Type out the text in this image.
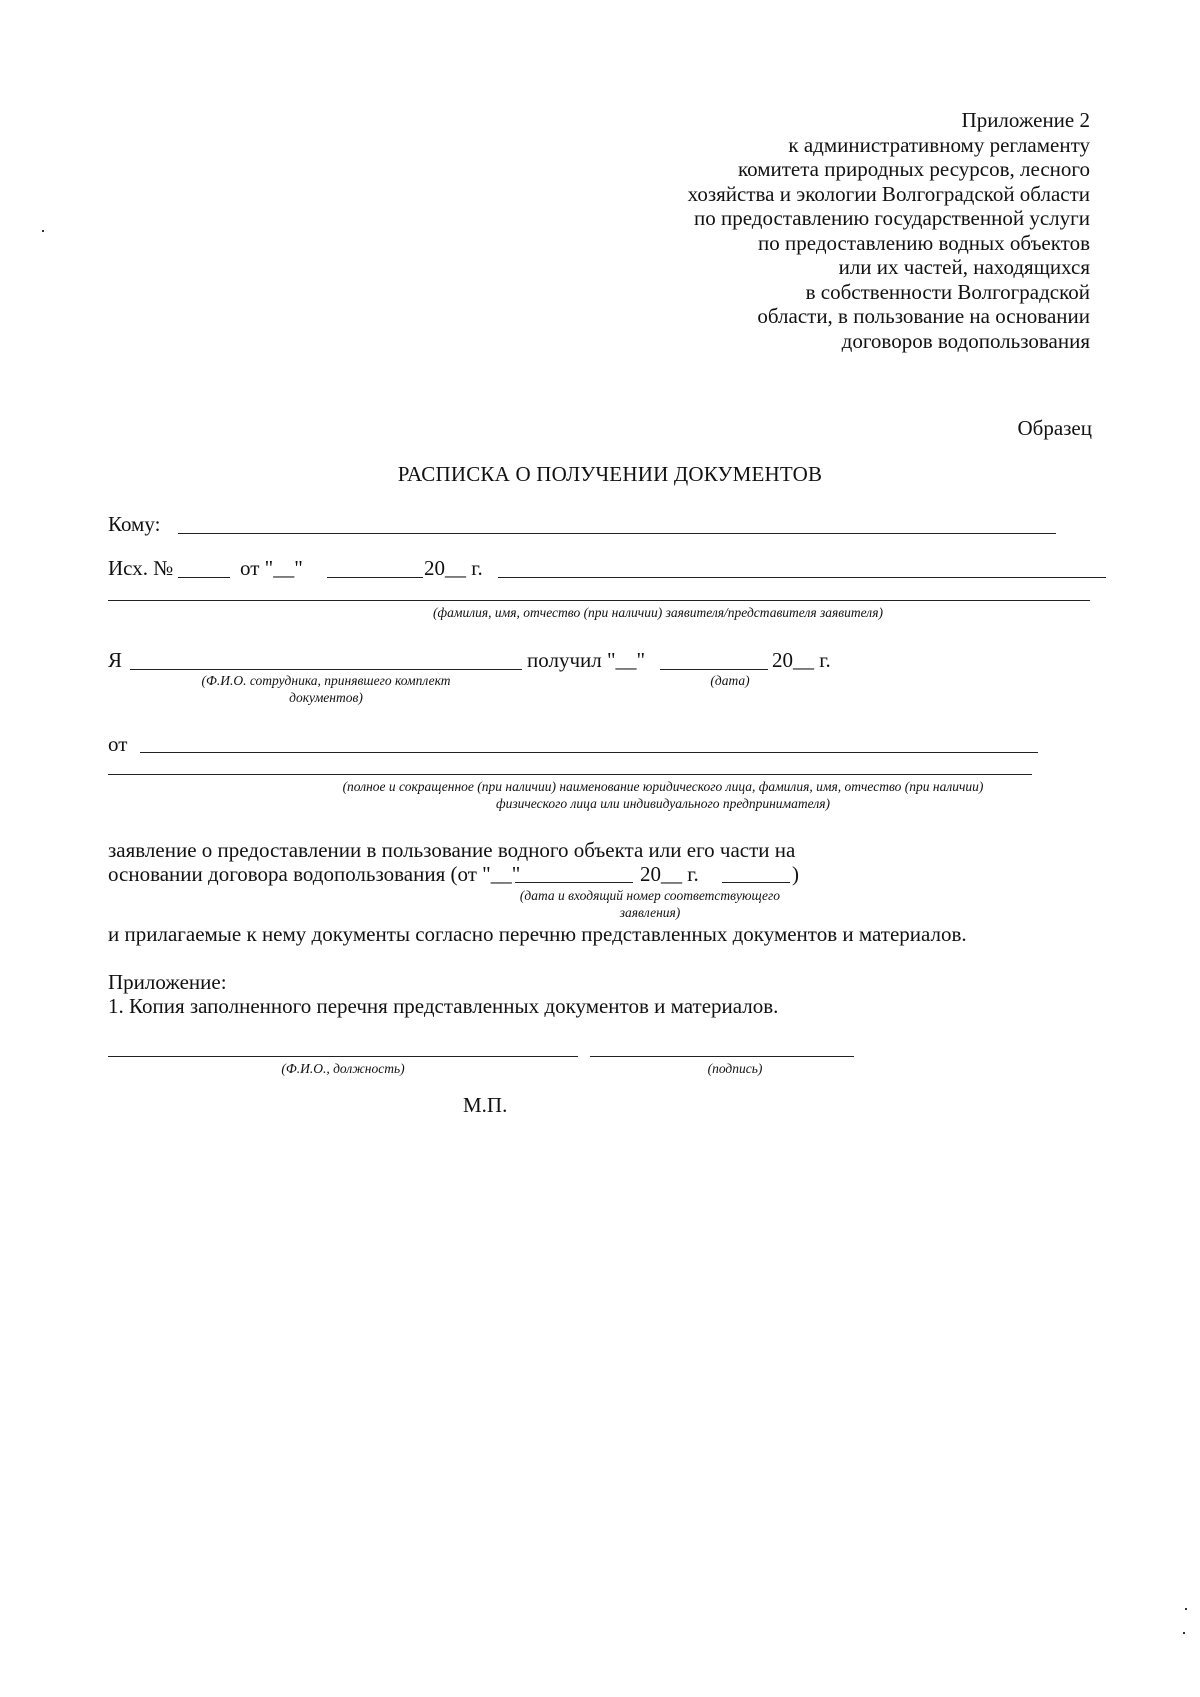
Приложение 2
к административному регламенту
комитета природных ресурсов, лесного
хозяйства и экологии Волгоградской области
по предоставлению государственной услуги
по предоставлению водных объектов
или их частей, находящихся
в собственности Волгоградской
области, в пользование на основании
договоров водопользования
Образец
РАСПИСКА О ПОЛУЧЕНИИ ДОКУМЕНТОВ
Кому:
Исх. №	от "__"	20__ г.
(фамилия, имя, отчество (при наличии) заявителя/представителя заявителя)
Я	получил "__"	20__ г.
(Ф.И.О. сотрудника, принявшего комплект
документов)
(дата)
от
(полное и сокращенное (при наличии) наименование юридического лица, фамилия, имя, отчество (при наличии)
физического лица или индивидуального предпринимателя)
заявление о предоставлении в пользование водного объекта или его части на
основании договора водопользования (от "__"	20__ г.	)
(дата и входящий номер соответствующего
заявления)
и прилагаемые к нему документы согласно перечню представленных документов и материалов.
Приложение:
1. Копия заполненного перечня представленных документов и материалов.
(Ф.И.О., должность)	(подпись)
М.П.
